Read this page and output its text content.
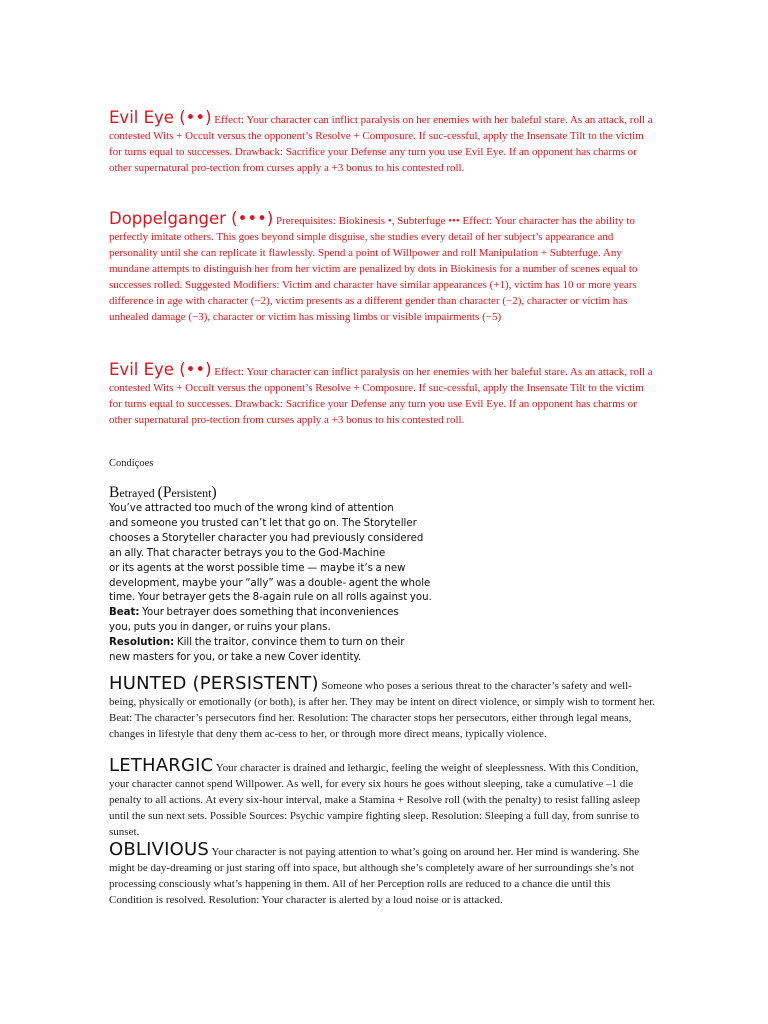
Evil Eye (••) Effect: Your character can inflict paralysis on her enemies with her baleful stare. As an attack, roll a contested Wits + Occult versus the opponent’s Resolve + Composure. If suc-cessful, apply the Insensate Tilt to the victim for turns equal to successes. Drawback: Sacrifice your Defense any turn you use Evil Eye. If an opponent has charms or other supernatural pro-tection from curses apply a +3 bonus to his contested roll.

Doppelganger (•••) Prerequisites: Biokinesis •, Subterfuge ••• Effect: Your character has the ability to perfectly imitate others. This goes beyond simple disguise, she studies every detail of her subject’s appearance and personality until she can replicate it flawlessly. Spend a point of Willpower and roll Manipulation + Subterfuge. Any mundane attempts to distinguish her from her victim are penalized by dots in Biokinesis for a number of scenes equal to successes rolled. Suggested Modifiers: Victim and character have similar appearances (+1), victim has 10 or more years difference in age with character (−2), victim presents as a different gender than character (−2), character or victim has unhealed damage (−3), character or victim has missing limbs or visible impairments (−5)

Evil Eye (••) Effect: Your character can inflict paralysis on her enemies with her baleful stare. As an attack, roll a contested Wits + Occult versus the opponent’s Resolve + Composure. If suc-cessful, apply the Insensate Tilt to the victim for turns equal to successes. Drawback: Sacrifice your Defense any turn you use Evil Eye. If an opponent has charms or other supernatural pro-tection from curses apply a +3 bonus to his contested roll.

Condiçoes

Betrayed (Persistent)

You’ve attracted too much of the wrong kind of attention
and someone you trusted can’t let that go on. The Storyteller
chooses a Storyteller character you had previously considered
an ally. That character betrays you to the God-Machine
or its agents at the worst possible time — maybe it’s a new
development, maybe your “ally” was a double- agent the whole
time. Your betrayer gets the 8-again rule on all rolls against you.
Beat: Your betrayer does something that inconveniences
you, puts you in danger, or ruins your plans.
Resolution: Kill the traitor, convince them to turn on their
new masters for you, or take a new Cover identity.

HUNTED (PERSISTENT) Someone who poses a serious threat to the character’s safety and well-being, physically or emotionally (or both), is after her. They may be intent on direct violence, or simply wish to torment her. Beat: The character’s persecutors find her. Resolution: The character stops her persecutors, either through legal means, changes in lifestyle that deny them ac-cess to her, or through more direct means, typically violence.

LETHARGIC Your character is drained and lethargic, feeling the weight of sleeplessness. With this Condition, your character cannot spend Willpower. As well, for every six hours he goes without sleeping, take a cumulative –1 die penalty to all actions. At every six-hour interval, make a Stamina + Resolve roll (with the penalty) to resist falling asleep until the sun next sets. Possible Sources: Psychic vampire fighting sleep. Resolution: Sleeping a full day, from sunrise to sunset.

OBLIVIOUS Your character is not paying attention to what’s going on around her. Her mind is wandering. She might be day-dreaming or just staring off into space, but although she’s completely aware of her surroundings she’s not processing consciously what’s happening in them. All of her Perception rolls are reduced to a chance die until this Condition is resolved. Resolution: Your character is alerted by a loud noise or is attacked.
